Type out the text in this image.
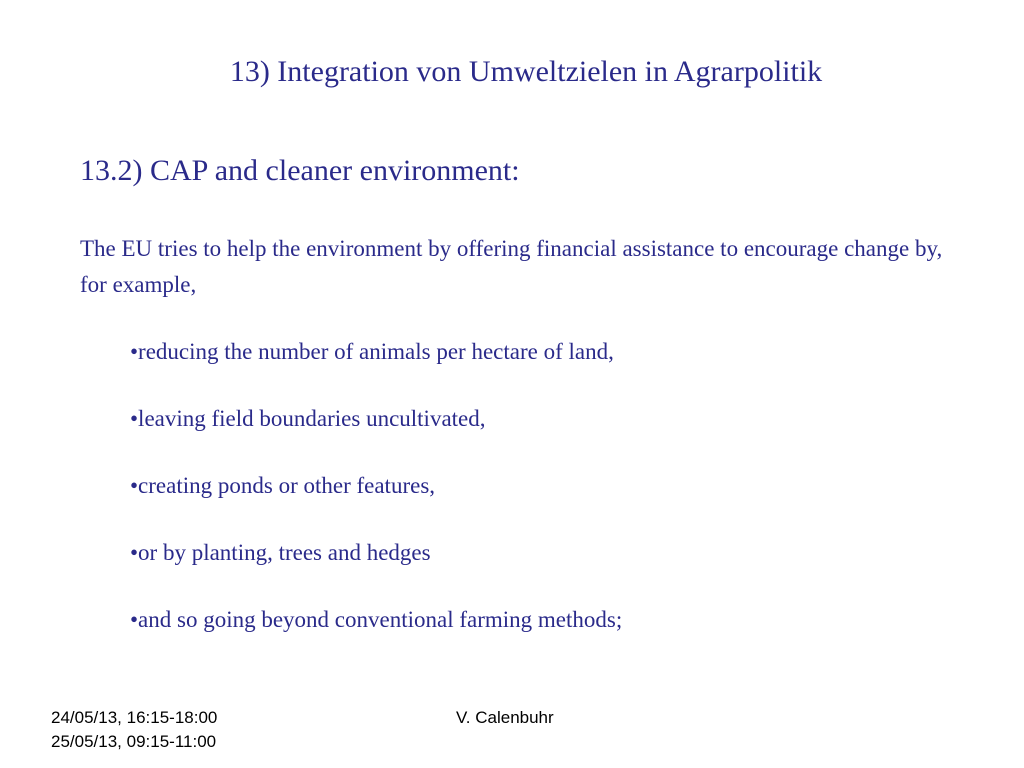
13) Integration von Umweltzielen in Agrarpolitik
13.2) CAP and cleaner environment:
The EU tries to help the environment by offering financial assistance to encourage change by, for example,
•reducing the number of animals per hectare of land,
•leaving field boundaries uncultivated,
•creating ponds or other features,
•or by planting, trees and hedges
•and so going beyond conventional farming methods;
24/05/13, 16:15-18:00
25/05/13, 09:15-11:00
V. Calenbuhr
